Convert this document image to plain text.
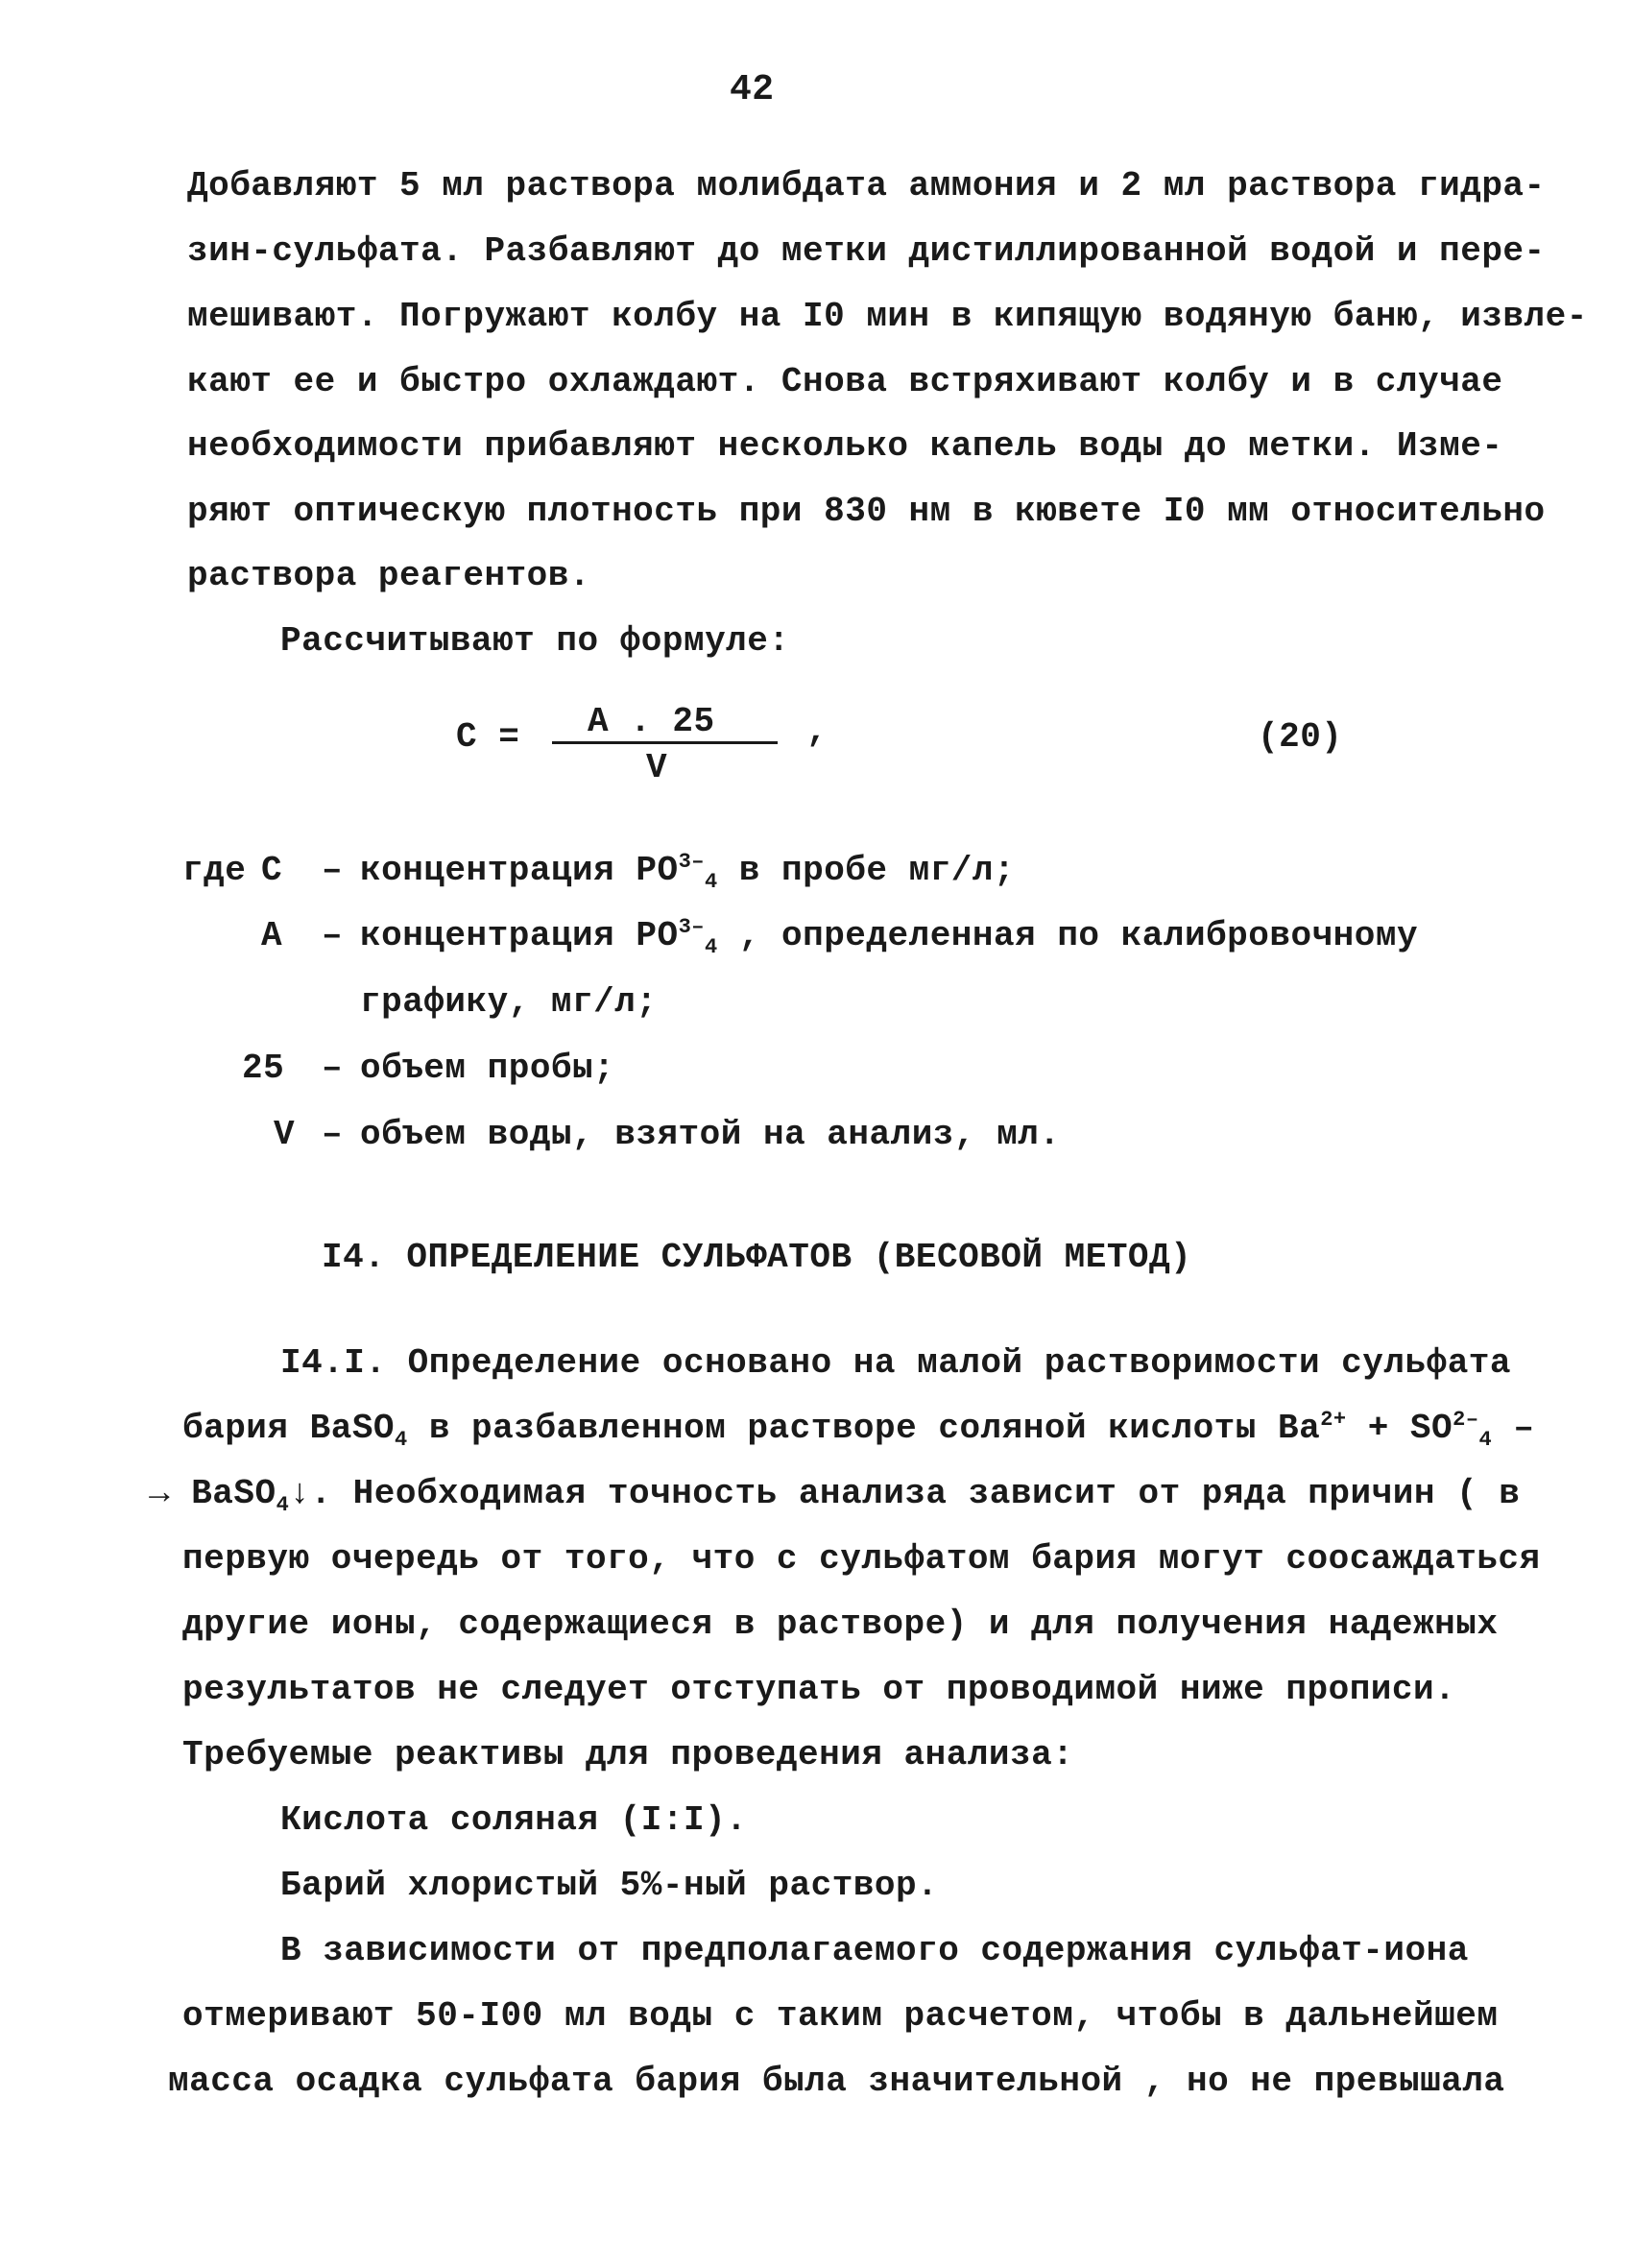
42
Добавляют 5 мл раствора молибдата аммония и 2 мл раствора гидра-
зин-сульфата. Разбавляют до метки дистиллированной водой и пере-
мешивают. Погружают колбу на I0 мин в кипящую водяную баню, извле-
кают ее и быстро охлаждают. Снова встряхивают колбу и в случае
необходимости прибавляют несколько капель воды до метки. Изме-
ряют оптическую плотность при 830 нм в кювете I0 мм относительно
раствора реагентов.
Рассчитывают по формуле:
C = A . 25
V
,	(20)
где C – концентрация $PO^{3-}_4$ в пробе мг/л;
A – концентрация $PO^{3-}_4$ , определенная по калибровочному
графику, мг/л;
25 – объем пробы;
V – объем воды, взятой на анализ, мл.
I4. ОПРЕДЕЛЕНИЕ СУЛЬФАТОВ (ВЕСОВОЙ МЕТОД)
I4.I. Определение основано на малой растворимости сульфата
бария BaSO$_4$ в разбавленном растворе соляной кислоты $Ba^{2+} + SO^{2-}_4$ –
→ BaSO$_4$↓. Необходимая точность анализа зависит от ряда причин ( в
первую очередь от того, что с сульфатом бария могут соосаждаться
другие ионы, содержащиеся в растворе) и для получения надежных
результатов не следует отступать от проводимой ниже прописи.
Требуемые реактивы для проведения анализа:
Кислота соляная (I:I).
Барий хлористый 5%-ный раствор.
В зависимости от предполагаемого содержания сульфат-иона
отмеривают 50-I00 мл воды с таким расчетом, чтобы в дальнейшем
масса осадка сульфата бария была значительной , но не превышала
